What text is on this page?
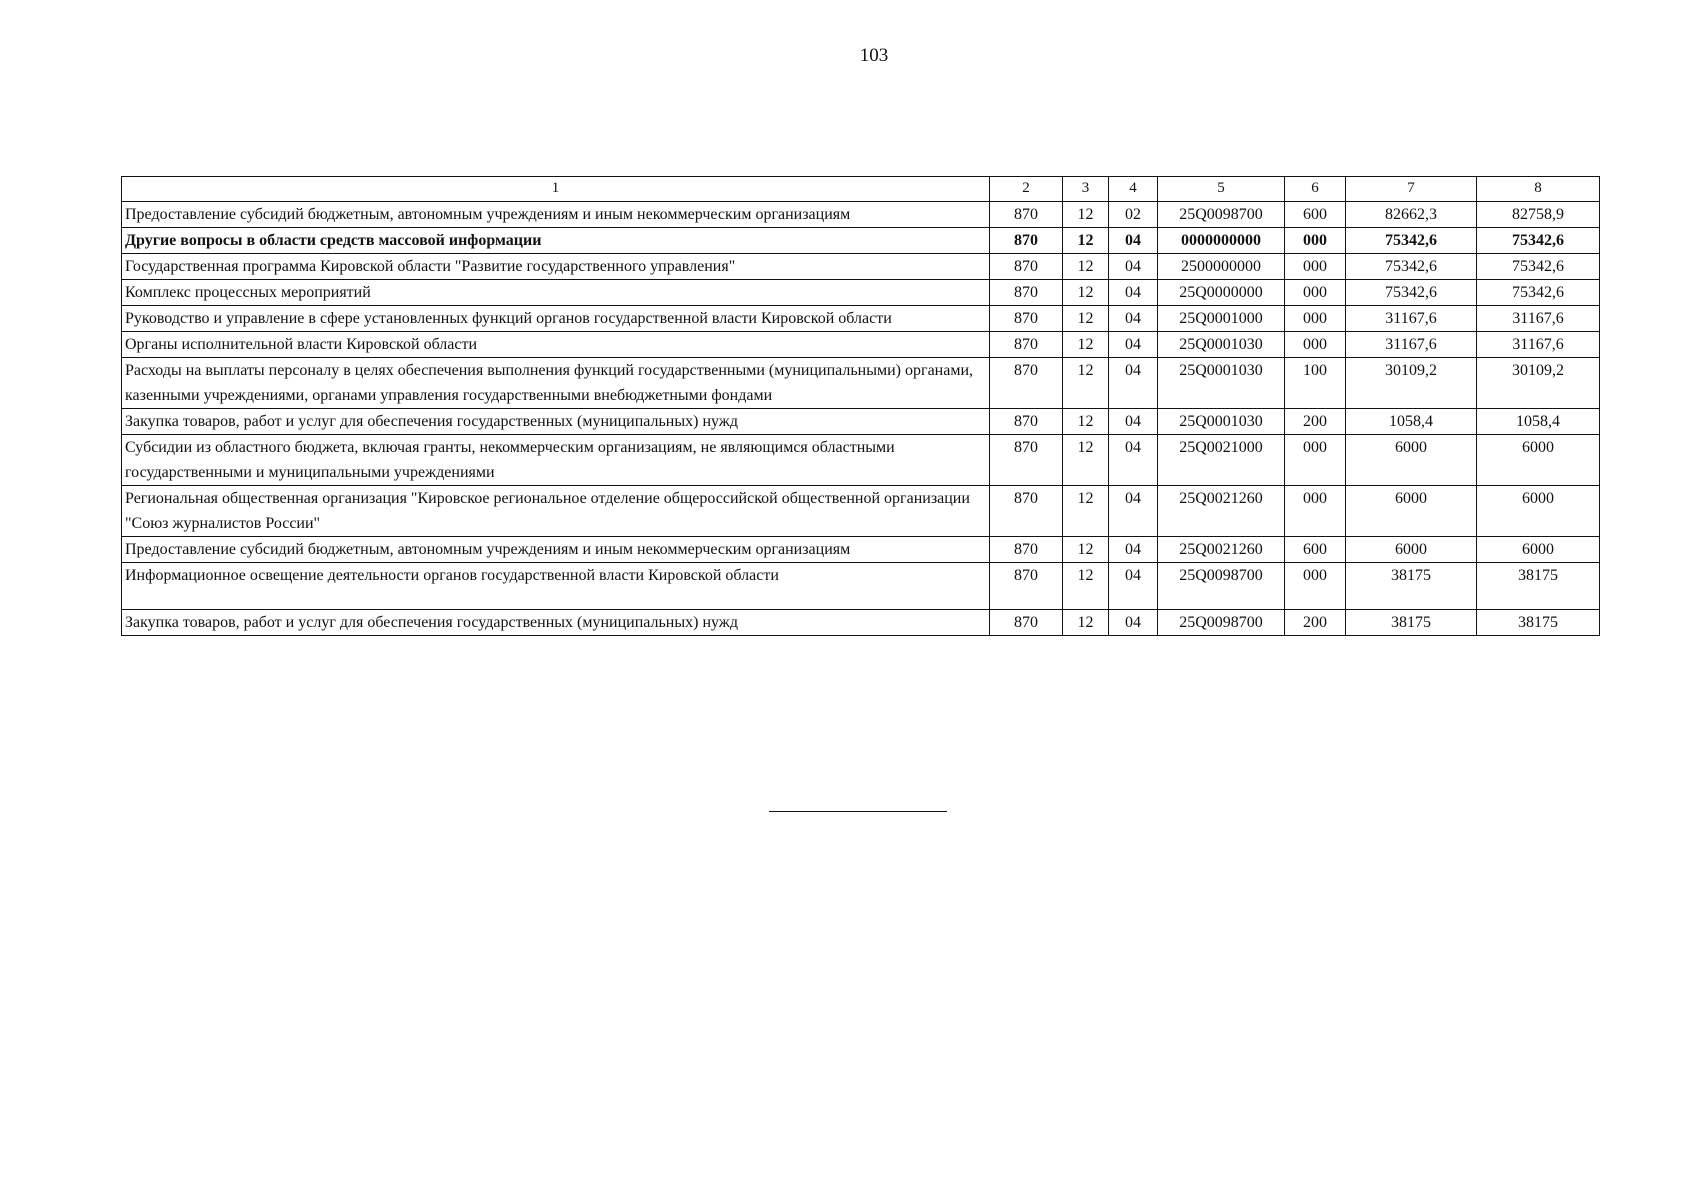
103
1	2	3	4	5	6	7	8
Предоставление субсидий бюджетным, автономным учреждениям и иным некоммерческим организациям	870	12	02	25Q0098700	600	82662,3	82758,9
Другие вопросы в области средств массовой информации	870	12	04	0000000000	000	75342,6	75342,6
Государственная программа Кировской области "Развитие государственного управления"	870	12	04	2500000000	000	75342,6	75342,6
Комплекс процессных мероприятий	870	12	04	25Q0000000	000	75342,6	75342,6
Руководство и управление в сфере установленных функций органов государственной власти Кировской области	870	12	04	25Q0001000	000	31167,6	31167,6
Органы исполнительной власти Кировской области	870	12	04	25Q0001030	000	31167,6	31167,6
Расходы на выплаты персоналу в целях обеспечения выполнения функций государственными (муниципальными) органами, казенными учреждениями, органами управления государственными внебюджетными фондами	870	12	04	25Q0001030	100	30109,2	30109,2
Закупка товаров, работ и услуг для обеспечения государственных (муниципальных) нужд	870	12	04	25Q0001030	200	1058,4	1058,4
Субсидии из областного бюджета, включая гранты, некоммерческим организациям, не являющимся областными государственными и муниципальными учреждениями	870	12	04	25Q0021000	000	6000	6000
Региональная общественная организация "Кировское региональное отделение общероссийской общественной организации "Союз журналистов России"	870	12	04	25Q0021260	000	6000	6000
Предоставление субсидий бюджетным, автономным учреждениям и иным некоммерческим организациям	870	12	04	25Q0021260	600	6000	6000
Информационное освещение деятельности органов государственной власти Кировской области	870	12	04	25Q0098700	000	38175	38175
Закупка товаров, работ и услуг для обеспечения государственных (муниципальных) нужд	870	12	04	25Q0098700	200	38175	38175
